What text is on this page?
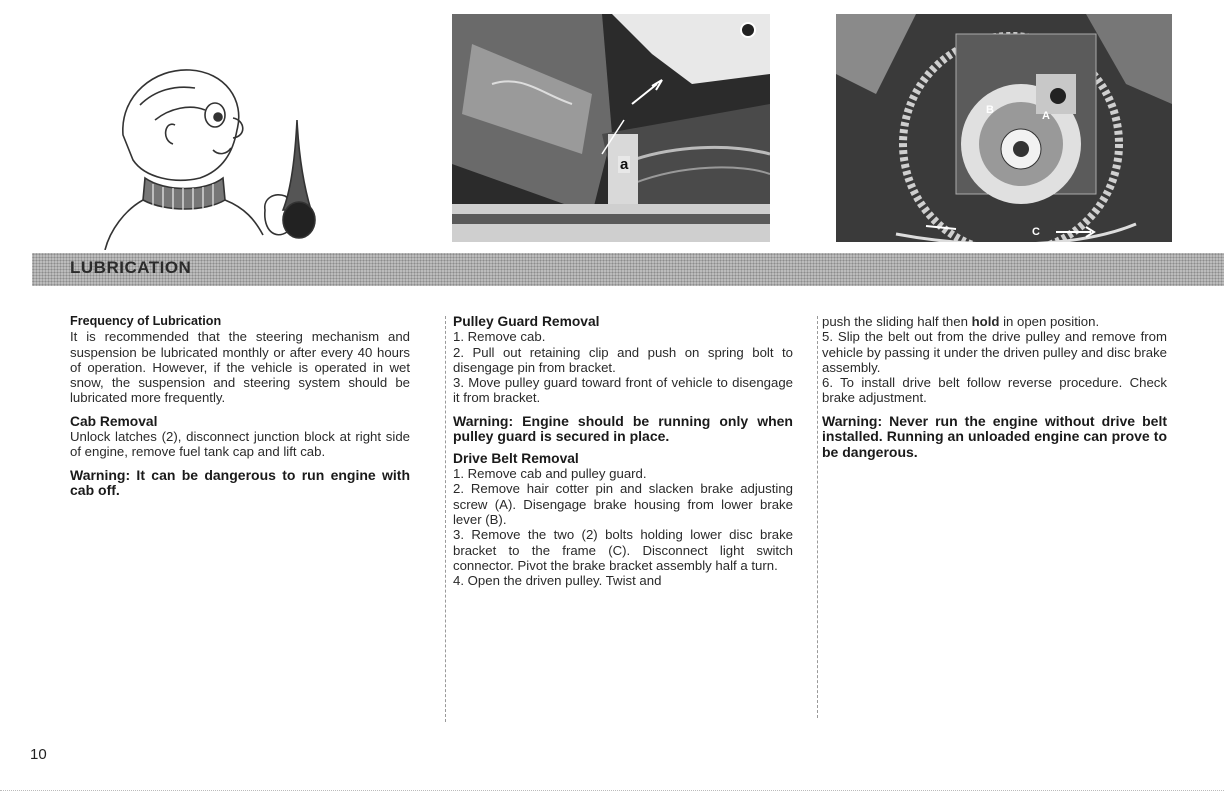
a
B	A
C
LUBRICATION
Frequency of Lubrication

It is recommended that the steering mechanism and suspension be lubricated monthly or after every 40 hours of operation. However, if the vehicle is operated in wet snow, the suspension and steering system should be lubricated more frequently.

Cab Removal

Unlock latches (2), disconnect junction block at right side of engine, remove fuel tank cap and lift cab.

Warning: It can be dangerous to run engine with cab off.
Pulley Guard Removal

1. Remove cab.

2. Pull out retaining clip and push on spring bolt to disengage pin from bracket.

3. Move pulley guard toward front of vehicle to disengage it from bracket.

Warning: Engine should be running only when pulley guard is secured in place.
Drive Belt Removal

1. Remove cab and pulley guard.

2. Remove hair cotter pin and slacken brake adjusting screw (A). Disengage brake housing from lower brake lever (B).

3. Remove the two (2) bolts holding lower disc brake bracket to the frame (C). Disconnect light switch connector. Pivot the brake bracket assembly half a turn.

4. Open the driven pulley. Twist and

push the sliding half then hold in open position.

5. Slip the belt out from the drive pulley and remove from vehicle by passing it under the driven pulley and disc brake assembly.

6. To install drive belt follow reverse procedure. Check brake adjustment.

Warning: Never run the engine without drive belt installed. Running an unloaded engine can prove to be dangerous.
10
